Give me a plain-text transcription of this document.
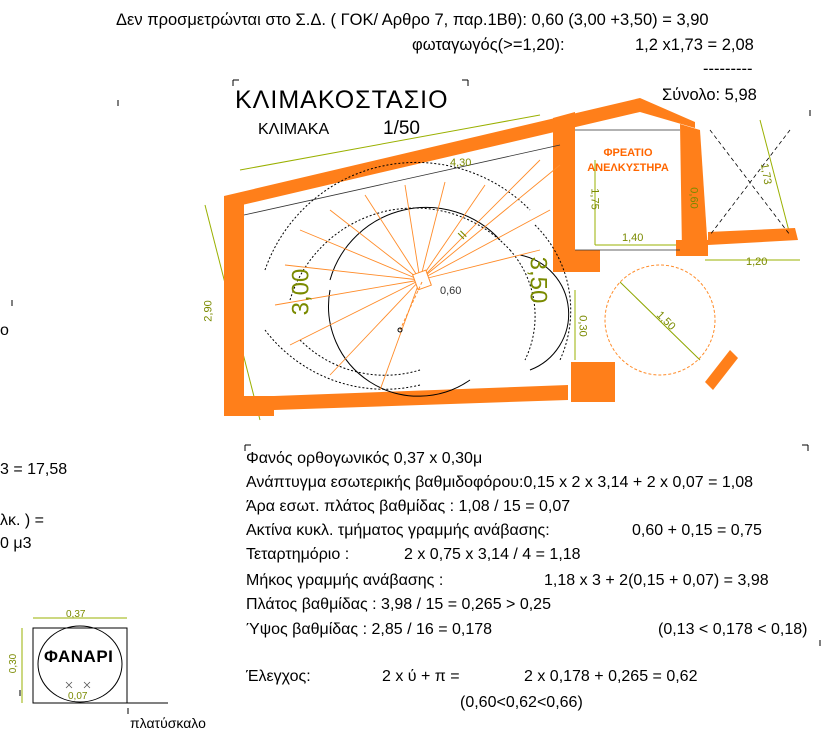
Δεν προσμετρώνται στο Σ.Δ. ( ΓΟΚ/ Αρθρο 7, παρ.1Βθ): 0,60 (3,00 +3,50) = 3,90
φωταγωγός(>=1,20):	1,2 x1,73 = 2,08
---------
Σύνολο: 5,98
ΚΛΙΜΑΚΟΣΤΑΣΙΟ
ΚΛΙΜΑΚΑ	1/50
ΦΡΕΑΤΙΟ
ΑΝΕΛΚΥΣΤΗΡΑ
4,30
2,90	3,00	3,50
0,60
II
1,75
1,40
0,60
1,73
1,20
0,30	1,50
ο
3 = 17,58
λκ. ) =
0 μ3
Φανός ορθογωνικός 0,37 x 0,30μ
Ανάπτυγμα εσωτερικής βαθμιδοφόρου:0,15 x 2 x 3,14 + 2 x 0,07 = 1,08
Άρα εσωτ. πλάτος βαθμίδας : 1,08 / 15 = 0,07
Ακτίνα κυκλ. τμήματος γραμμής ανάβασης:	0,60 + 0,15 = 0,75
Τεταρτημόριο :	2 x 0,75 x 3,14 / 4 = 1,18
Μήκος γραμμής ανάβασης :	1,18 x 3 + 2(0,15 + 0,07) = 3,98
Πλάτος βαθμίδας : 3,98 / 15 = 0,265 > 0,25
Ύψος βαθμίδας : 2,85 / 16 = 0,178	(0,13 < 0,178 < 0,18)
Έλεγχος:	2 x ύ + π =	2 x 0,178 + 0,265 = 0,62
(0,60<0,62<0,66)
0,37
0,30 ΦΑΝΑΡΙ
0,07
πλατύσκαλο
